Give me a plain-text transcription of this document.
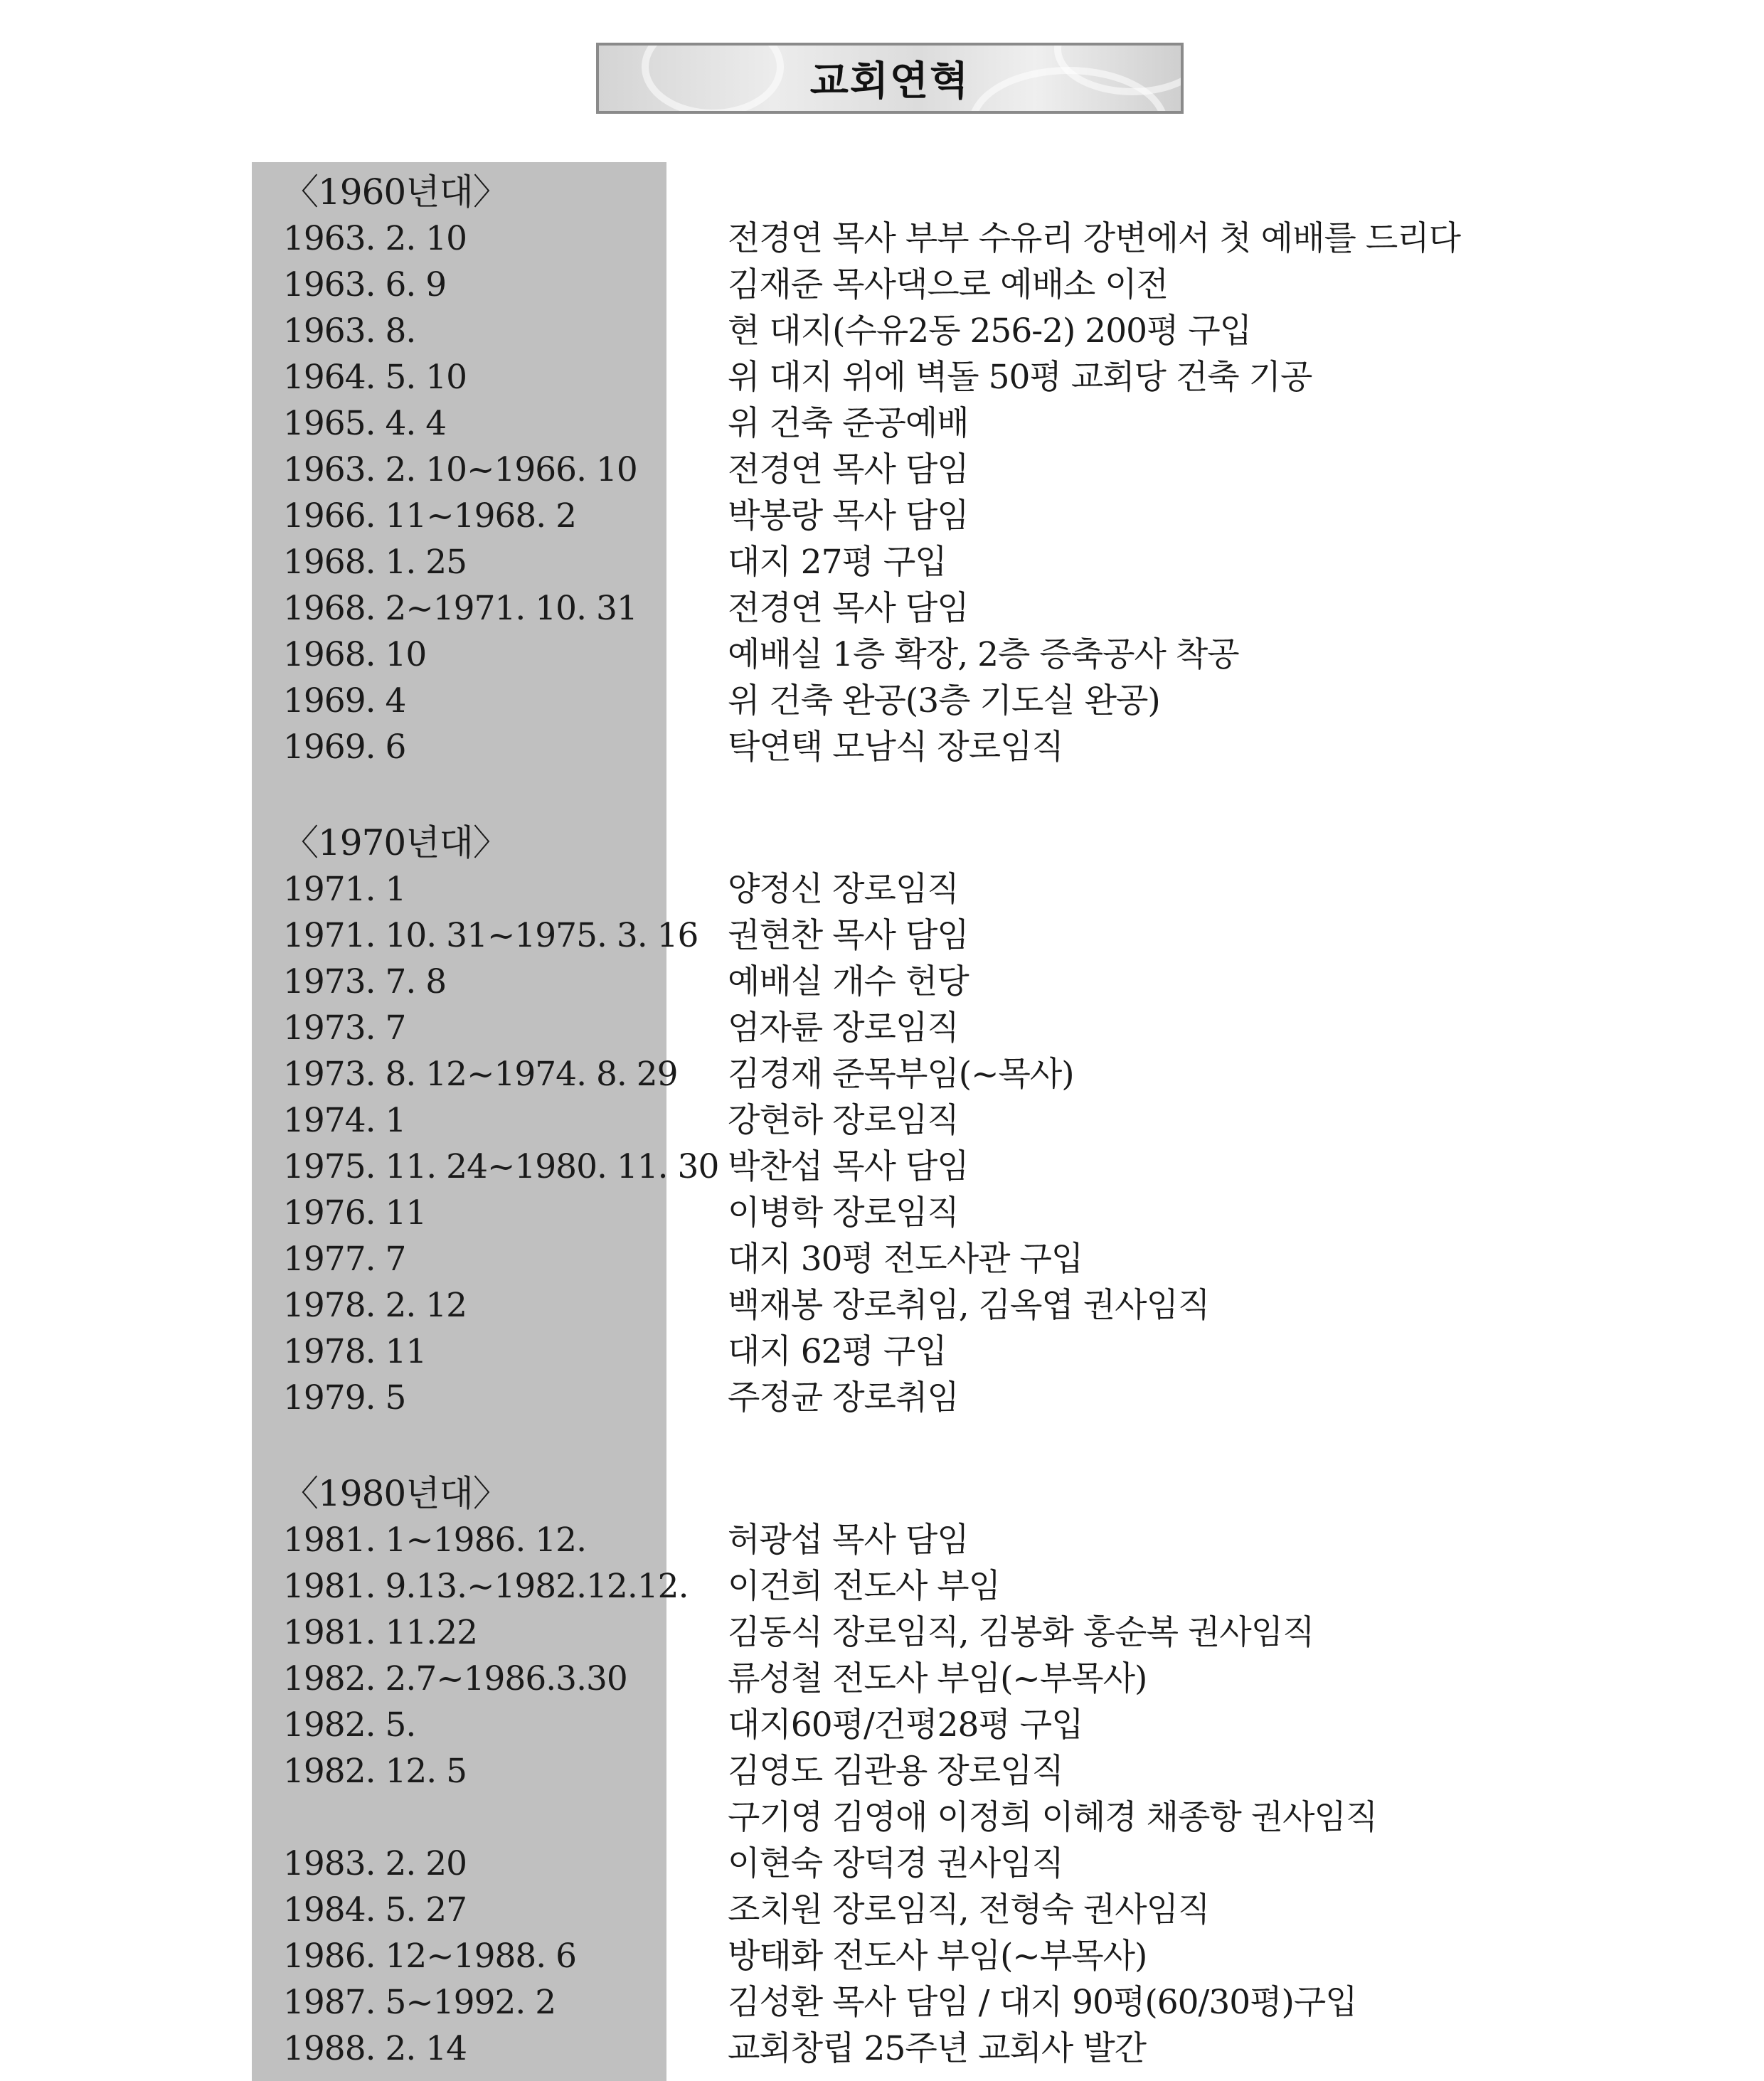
교회연혁
〈1960년대〉
1963. 2. 10	전경연 목사 부부 수유리 강변에서 첫 예배를 드리다
1963. 6. 9	김재준 목사댁으로 예배소 이전
1963. 8.	현 대지(수유2동 256-2) 200평 구입
1964. 5. 10	위 대지 위에 벽돌 50평 교회당 건축 기공
1965. 4. 4	위 건축 준공예배
1963. 2. 10~1966. 10	전경연 목사 담임
1966. 11~1968. 2	박봉랑 목사 담임
1968. 1. 25	대지 27평 구입
1968. 2~1971. 10. 31	전경연 목사 담임
1968. 10	예배실 1층 확장, 2층 증축공사 착공
1969. 4	위 건축 완공(3층 기도실 완공)
1969. 6	탁연택 모남식 장로임직
〈1970년대〉
1971. 1	양정신 장로임직
1971. 10. 31~1975. 3. 16 권현찬 목사 담임
1973. 7. 8	예배실 개수 헌당
1973. 7	엄자륜 장로임직
1973. 8. 12~1974. 8. 29 김경재 준목부임(~목사)
1974. 1	강현하 장로임직
1975. 11. 24~1980. 11. 30 박찬섭 목사 담임
1976. 11	이병학 장로임직
1977. 7	대지 30평 전도사관 구입
1978. 2. 12	백재봉 장로취임, 김옥엽 권사임직
1978. 11	대지 62평 구입
1979. 5	주정균 장로취임
〈1980년대〉
1981. 1~1986. 12.	허광섭 목사 담임
1981. 9.13.~1982.12.12. 이건희 전도사 부임
1981. 11.22	김동식 장로임직, 김봉화 홍순복 권사임직
1982. 2.7~1986.3.30	류성철 전도사 부임(~부목사)
1982. 5.	대지60평/건평28평 구입
1982. 12. 5	김영도 김관용 장로임직
구기영 김영애 이정희 이혜경 채종항 권사임직
1983. 2. 20	이현숙 장덕경 권사임직
1984. 5. 27	조치원 장로임직, 전형숙 권사임직
1986. 12~1988. 6	방태화 전도사 부임(~부목사)
1987. 5~1992. 2	김성환 목사 담임 / 대지 90평(60/30평)구입
1988. 2. 14	교회창립 25주년 교회사 발간
